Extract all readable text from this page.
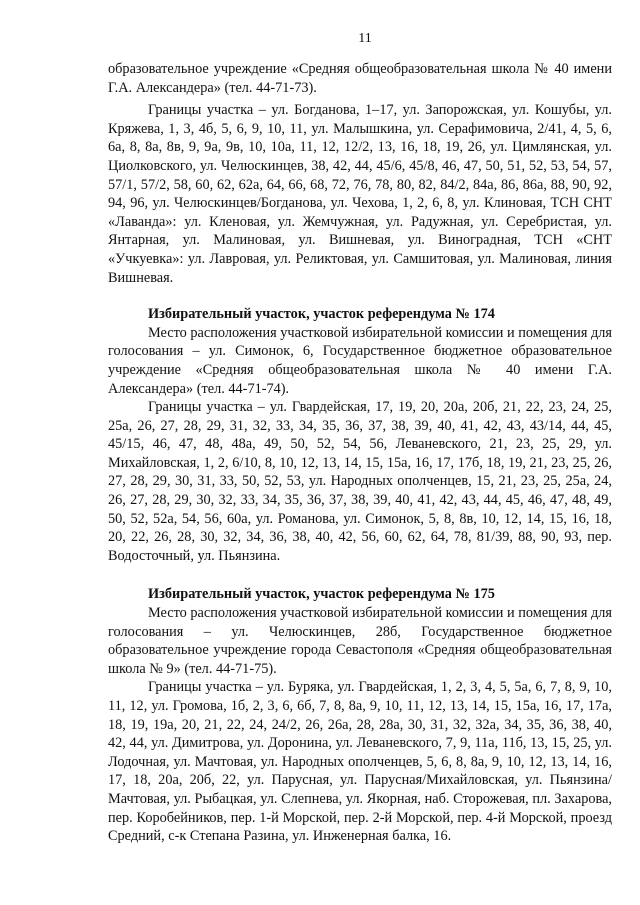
11

образовательное учреждение «Средняя общеобразовательная школа № 40 имени Г.А. Александера» (тел. 44-71-73).

Границы участка – ул. Богданова, 1–17, ул. Запорожская, ул. Кошубы, ул. Кряжева, 1, 3, 4б, 5, 6, 9, 10, 11, ул. Малышкина, ул. Серафимовича, 2/41, 4, 5, 6, 6а, 8, 8а, 8в, 9, 9а, 9в, 10, 10а, 11, 12, 12/2, 13, 16, 18, 19, 26, ул. Цимлянская, ул. Циолковского, ул. Челюскинцев, 38, 42, 44, 45/6, 45/8, 46, 47, 50, 51, 52, 53, 54, 57, 57/1, 57/2, 58, 60, 62, 62а, 64, 66, 68, 72, 76, 78, 80, 82, 84/2, 84а, 86, 86а, 88, 90, 92, 94, 96, ул. Челюскинцев/Богданова, ул. Чехова, 1, 2, 6, 8, ул. Клиновая, ТСН СНТ «Лаванда»: ул. Кленовая, ул. Жемчужная, ул. Радужная, ул. Серебристая, ул. Янтарная, ул. Малиновая, ул. Вишневая, ул. Виноградная, ТСН «СНТ «Учкуевка»: ул. Лавровая, ул. Реликтовая, ул. Самшитовая, ул. Малиновая, линия Вишневая.

Избирательный участок, участок референдума № 174

Место расположения участковой избирательной комиссии и помещения для голосования – ул. Симонок, 6, Государственное бюджетное образовательное учреждение «Средняя общеобразовательная школа № 40 имени Г.А. Александера» (тел. 44-71-74).

Границы участка – ул. Гвардейская, 17, 19, 20, 20а, 20б, 21, 22, 23, 24, 25, 25а, 26, 27, 28, 29, 31, 32, 33, 34, 35, 36, 37, 38, 39, 40, 41, 42, 43, 43/14, 44, 45, 45/15, 46, 47, 48, 48а, 49, 50, 52, 54, 56, Леваневского, 21, 23, 25, 29, ул. Михайловская, 1, 2, 6/10, 8, 10, 12, 13, 14, 15, 15а, 16, 17, 17б, 18, 19, 21, 23, 25, 26, 27, 28, 29, 30, 31, 33, 50, 52, 53, ул. Народных ополченцев, 15, 21, 23, 25, 25а, 24, 26, 27, 28, 29, 30, 32, 33, 34, 35, 36, 37, 38, 39, 40, 41, 42, 43, 44, 45, 46, 47, 48, 49, 50, 52, 52а, 54, 56, 60а, ул. Романова, ул. Симонок, 5, 8, 8в, 10, 12, 14, 15, 16, 18, 20, 22, 26, 28, 30, 32, 34, 36, 38, 40, 42, 56, 60, 62, 64, 78, 81/39, 88, 90, 93, пер. Водосточный, ул. Пьянзина.

Избирательный участок, участок референдума № 175

Место расположения участковой избирательной комиссии и помещения для голосования – ул. Челюскинцев, 28б, Государственное бюджетное образовательное учреждение города Севастополя «Средняя общеобразовательная школа № 9» (тел. 44-71-75).

Границы участка – ул. Буряка, ул. Гвардейская, 1, 2, 3, 4, 5, 5а, 6, 7, 8, 9, 10, 11, 12, ул. Громова, 1б, 2, 3, 6, 6б, 7, 8, 8а, 9, 10, 11, 12, 13, 14, 15, 15а, 16, 17, 17а, 18, 19, 19а, 20, 21, 22, 24, 24/2, 26, 26а, 28, 28а, 30, 31, 32, 32а, 34, 35, 36, 38, 40, 42, 44, ул. Димитрова, ул. Доронина, ул. Леваневского, 7, 9, 11а, 11б, 13, 15, 25, ул. Лодочная, ул. Мачтовая, ул. Народных ополченцев, 5, 6, 8, 8а, 9, 10, 12, 13, 14, 16, 17, 18, 20а, 20б, 22, ул. Парусная, ул. Парусная/Михайловская, ул. Пьянзина/ Мачтовая, ул. Рыбацкая, ул. Слепнева, ул. Якорная, наб. Сторожевая, пл. Захарова, пер. Коробейников, пер. 1-й Морской, пер. 2-й Морской, пер. 4-й Морской, проезд Средний, с-к Степана Разина, ул. Инженерная балка, 16.
